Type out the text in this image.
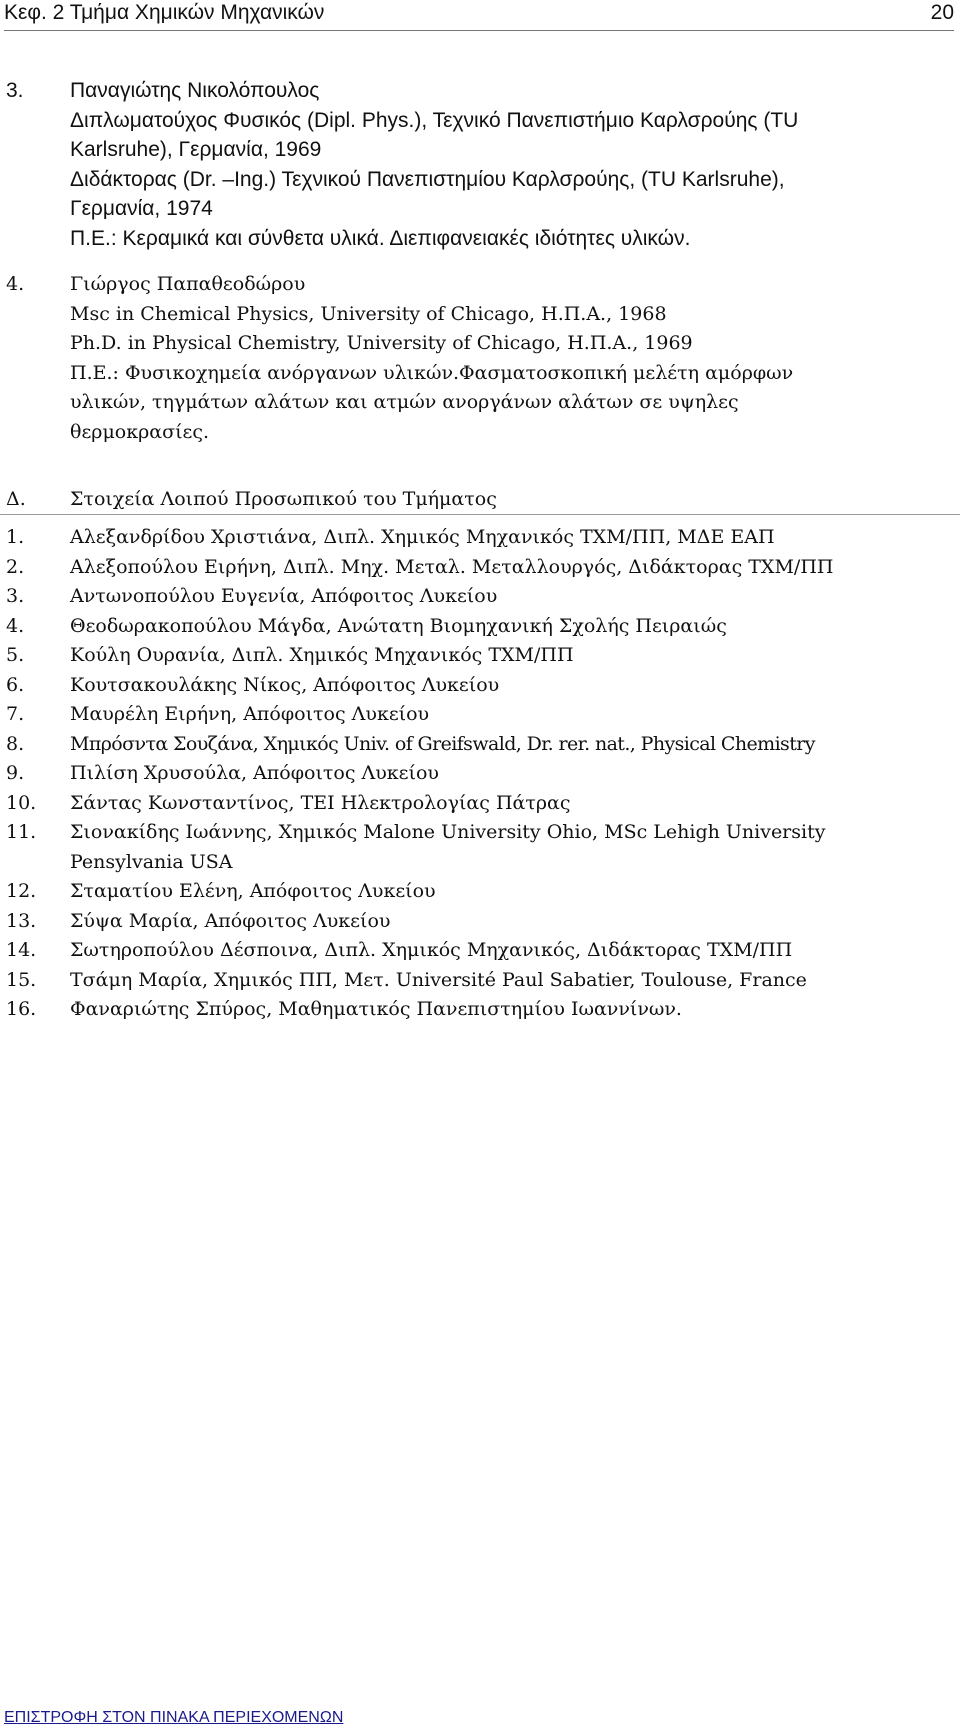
Κεφ. 2 Τμήμα Χημικών Μηχανικών	20
3. Παναγιώτης Νικολόπουλος
Διπλωματούχος Φυσικός (Dipl. Phys.), Τεχνικό Πανεπιστήμιο Καρλσρούης (TU
Karlsruhe), Γερμανία, 1969
Διδάκτορας (Dr. –Ing.) Τεχνικού Πανεπιστημίου Καρλσρούης, (TU Karlsruhe),
Γερμανία, 1974
Π.Ε.: Κεραμικά και σύνθετα υλικά. Διεπιφανειακές ιδιότητες υλικών.
4. Γιώργος Παπαθεοδώρου
Msc in Chemical Physics, University of Chicago, Η.Π.Α., 1968
Ph.D. in Physical Chemistry, University of Chicago, Η.Π.Α., 1969
Π.Ε.: Φυσικοχημεία ανόργανων υλικών.Φασματοσκοπική μελέτη αμόρφων
υλικών, τηγμάτων αλάτων και ατμών ανοργάνων αλάτων σε υψηλες
θερμοκρασίες.
Δ. Στοιχεία Λοιπού Προσωπικού του Τμήματος
1. Αλεξανδρίδου Χριστιάνα, Διπλ. Χημικός Μηχανικός ΤΧΜ/ΠΠ, ΜΔΕ ΕΑΠ
2. Αλεξοπούλου Ειρήνη, Διπλ. Μηχ. Μεταλ. Μεταλλουργός, Διδάκτορας ΤΧΜ/ΠΠ
3. Αντωνοπούλου Ευγενία, Απόφοιτος Λυκείου
4. Θεοδωρακοπούλου Μάγδα, Ανώτατη Βιομηχανική Σχολής Πειραιώς
5. Κούλη Ουρανία, Διπλ. Χημικός Μηχανικός ΤΧΜ/ΠΠ
6. Κουτσακουλάκης Νίκος, Απόφοιτος Λυκείου
7. Μαυρέλη Ειρήνη, Απόφοιτος Λυκείου
8. Μπρόσντα Σουζάνα, Χημικός Univ. of Greifswald, Dr. rer. nat., Physical Chemistry
9. Πιλίση Χρυσούλα, Απόφοιτος Λυκείου
10. Σάντας Κωνσταντίνος, ΤΕΙ Ηλεκτρολογίας Πάτρας
11. Σιονακίδης Ιωάννης, Χημικός Malone University Ohio, MSc Lehigh University
Pensylvania USA
12. Σταματίου Ελένη, Απόφοιτος Λυκείου
13. Σύψα Μαρία, Απόφοιτος Λυκείου
14. Σωτηροπούλου Δέσποινα, Διπλ. Χημικός Μηχανικός, Διδάκτορας ΤΧΜ/ΠΠ
15. Τσάμη Μαρία, Χημικός ΠΠ, Μετ. Université Paul Sabatier, Toulouse, France
16. Φαναριώτης Σπύρος, Μαθηματικός Πανεπιστημίου Ιωαννίνων.
ΕΠΙΣΤΡΟΦΗ ΣΤΟΝ ΠΙΝΑΚΑ ΠΕΡΙΕΧΟΜΕΝΩΝ
